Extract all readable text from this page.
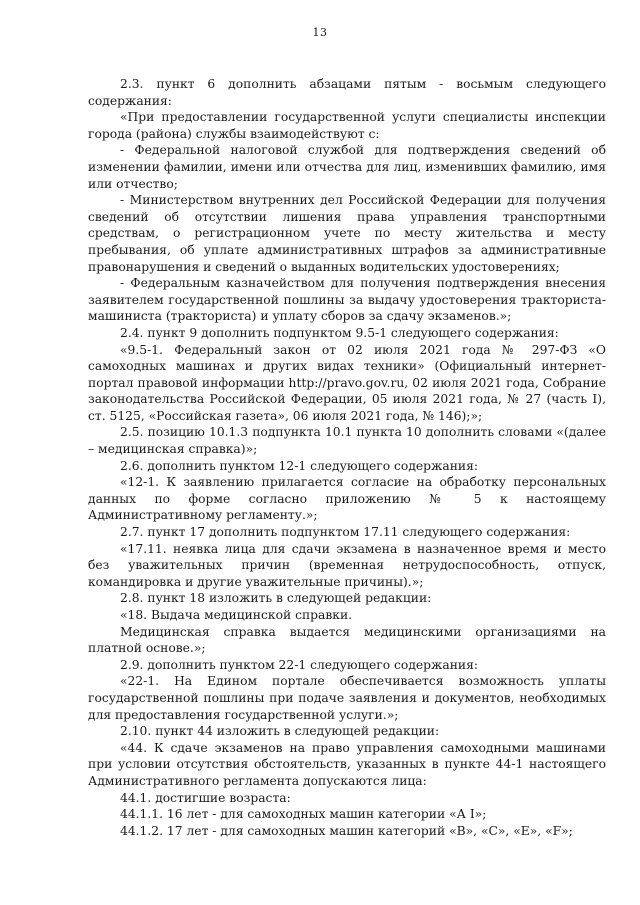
13

2.3. пункт 6 дополнить абзацами пятым - восьмым следующего содержания:

«При предоставлении государственной услуги специалисты инспекции города (района) службы взаимодействуют с:

- Федеральной налоговой службой для подтверждения сведений об изменении фамилии, имени или отчества для лиц, изменивших фамилию, имя или отчество;

- Министерством внутренних дел Российской Федерации для получения сведений об отсутствии лишения права управления транспортными средствам, о регистрационном учете по месту жительства и месту пребывания, об уплате административных штрафов за административные правонарушения и сведений о выданных водительских удостоверениях;

- Федеральным казначейством для получения подтверждения внесения заявителем государственной пошлины за выдачу удостоверения тракториста-машиниста (тракториста) и уплату сборов за сдачу экзаменов.»;

2.4. пункт 9 дополнить подпунктом 9.5-1 следующего содержания:

«9.5-1. Федеральный закон от 02 июля 2021 года № 297-ФЗ «О самоходных машинах и других видах техники» (Официальный интернет-портал правовой информации http://pravo.gov.ru, 02 июля 2021 года, Собрание законодательства Российской Федерации, 05 июля 2021 года, № 27 (часть I), ст. 5125, «Российская газета», 06 июля 2021 года, № 146);»;

2.5. позицию 10.1.3 подпункта 10.1 пункта 10 дополнить словами «(далее – медицинская справка)»;

2.6. дополнить пунктом 12-1 следующего содержания:

«12-1. К заявлению прилагается согласие на обработку персональных данных по форме согласно приложению № 5 к настоящему Административному регламенту.»;

2.7. пункт 17 дополнить подпунктом 17.11 следующего содержания:

«17.11. неявка лица для сдачи экзамена в назначенное время и место без уважительных причин (временная нетрудоспособность, отпуск, командировка и другие уважительные причины).»;

2.8. пункт 18 изложить в следующей редакции:

«18. Выдача медицинской справки.

Медицинская справка выдается медицинскими организациями на платной основе.»;

2.9. дополнить пунктом 22-1 следующего содержания:

«22-1. На Едином портале обеспечивается возможность уплаты государственной пошлины при подаче заявления и документов, необходимых для предоставления государственной услуги.»;

2.10. пункт 44 изложить в следующей редакции:

«44. К сдаче экзаменов на право управления самоходными машинами при условии отсутствия обстоятельств, указанных в пункте 44-1 настоящего Административного регламента допускаются лица:

44.1. достигшие возраста:

44.1.1. 16 лет - для самоходных машин категории «А I»;

44.1.2. 17 лет - для самоходных машин категорий «В», «С», «Е», «F»;
